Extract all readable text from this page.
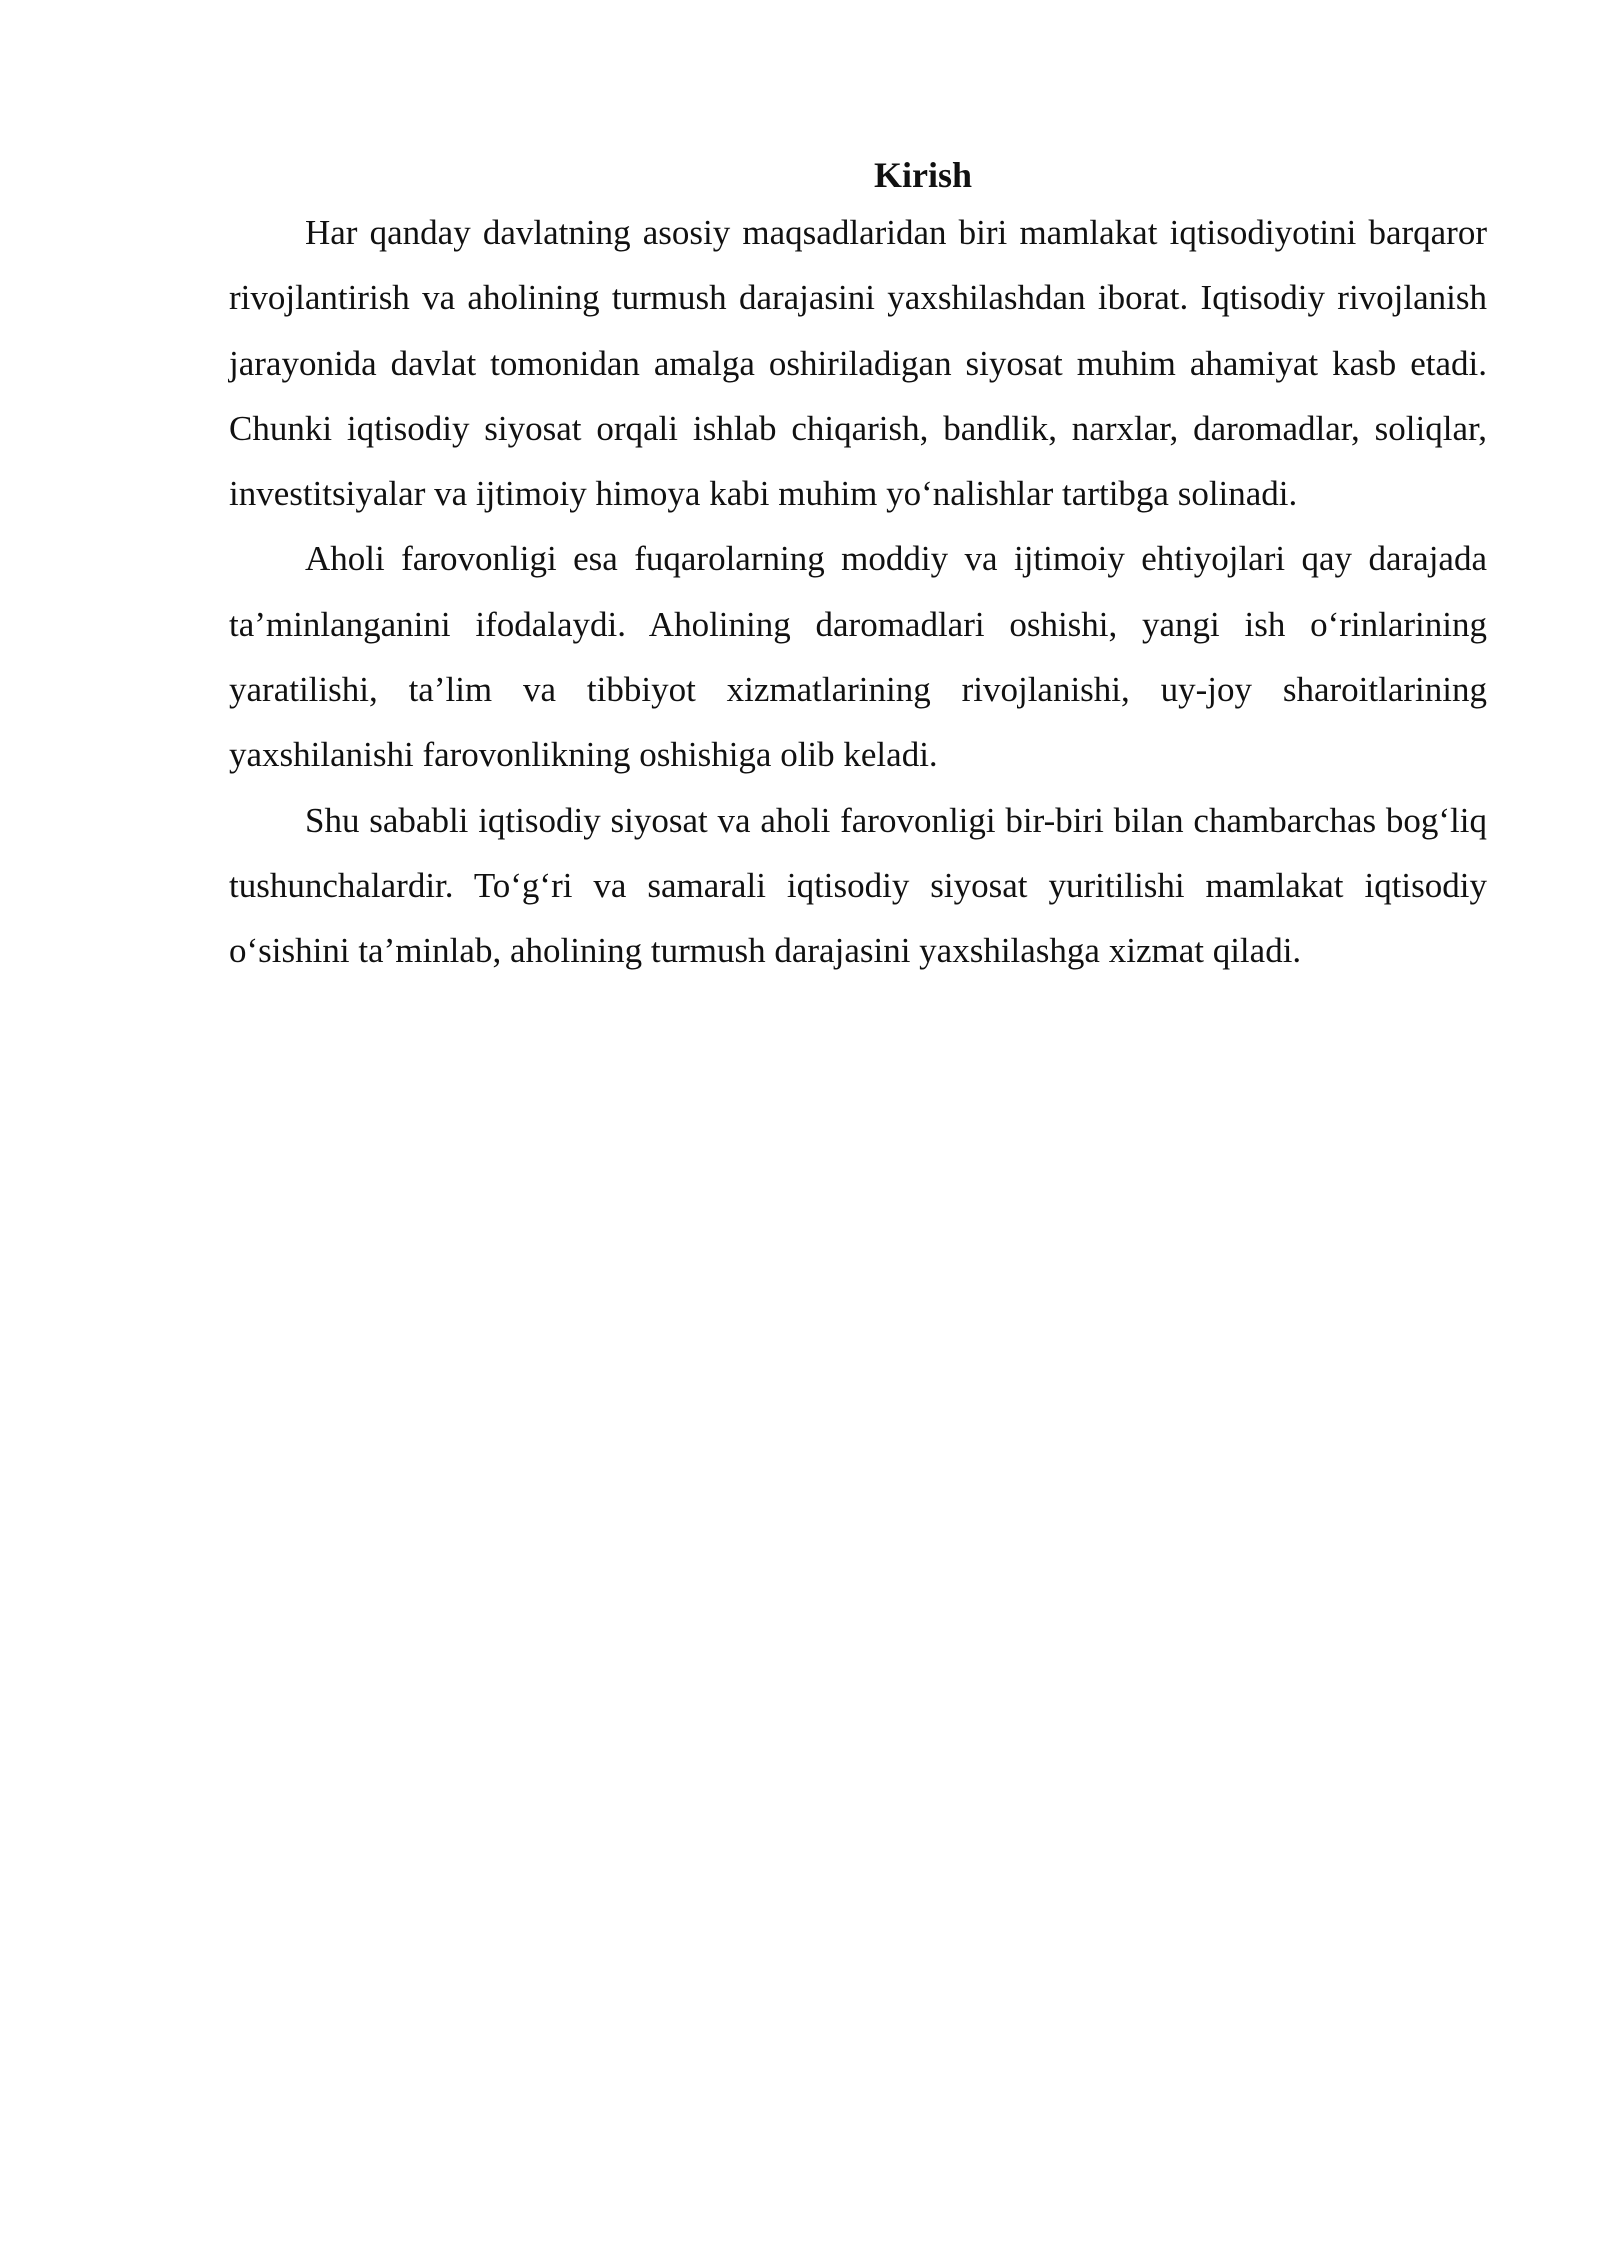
Kirish

Har qanday davlatning asosiy maqsadlaridan biri mamlakat iqtisodiyotini barqaror rivojlantirish va aholining turmush darajasini yaxshilashdan iborat. Iqtisodiy rivojlanish jarayonida davlat tomonidan amalga oshiriladigan siyosat muhim ahamiyat kasb etadi. Chunki iqtisodiy siyosat orqali ishlab chiqarish, bandlik, narxlar, daromadlar, soliqlar, investitsiyalar va ijtimoiy himoya kabi muhim yo‘nalishlar tartibga solinadi.

Aholi farovonligi esa fuqarolarning moddiy va ijtimoiy ehtiyojlari qay darajada ta’minlanganini ifodalaydi. Aholining daromadlari oshishi, yangi ish o‘rinlarining yaratilishi, ta’lim va tibbiyot xizmatlarining rivojlanishi, uy-joy sharoitlarining yaxshilanishi farovonlikning oshishiga olib keladi.

Shu sababli iqtisodiy siyosat va aholi farovonligi bir-biri bilan chambarchas bog‘liq tushunchalardir. To‘g‘ri va samarali iqtisodiy siyosat yuritilishi mamlakat iqtisodiy o‘sishini ta’minlab, aholining turmush darajasini yaxshilashga xizmat qiladi.
